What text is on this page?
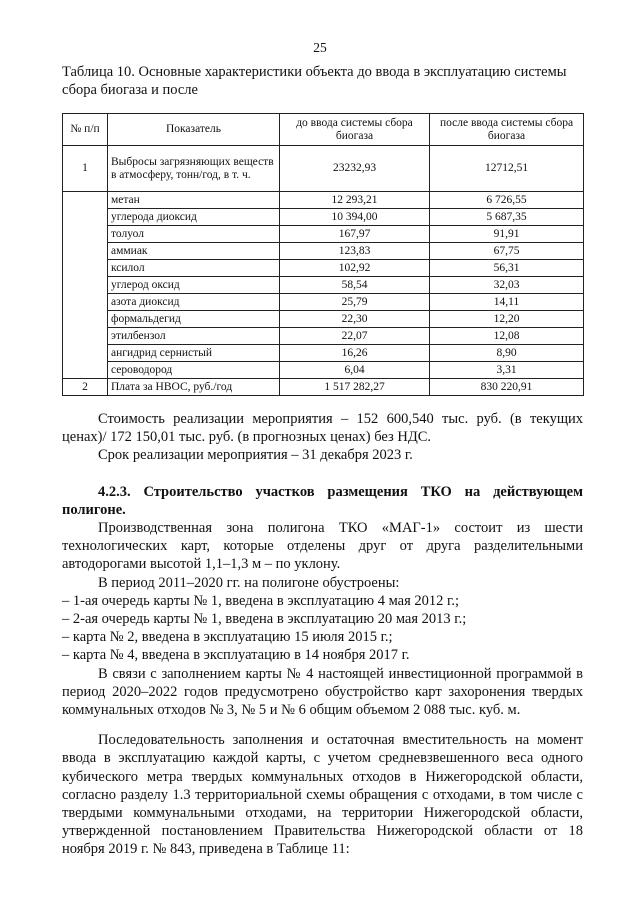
25
Таблица 10. Основные характеристики объекта до ввода в эксплуатацию системы сбора биогаза и после
№ п/п	Показатель	до ввода системы сбора биогаза	после ввода системы сбора биогаза
1	Выбросы загрязняющих веществ в атмосферу, тонн/год, в т. ч.	23232,93	12712,51
	метан	12 293,21	6 726,55
	углерода диоксид	10 394,00	5 687,35
	толуол	167,97	91,91
	аммиак	123,83	67,75
	ксилол	102,92	56,31
	углерод оксид	58,54	32,03
	азота диоксид	25,79	14,11
	формальдегид	22,30	12,20
	этилбензол	22,07	12,08
	ангидрид сернистый	16,26	8,90
	сероводород	6,04	3,31
2	Плата за НВОС, руб./год	1 517 282,27	830 220,91

Стоимость реализации мероприятия – 152 600,540 тыс. руб. (в текущих ценах)/ 172 150,01 тыс. руб. (в прогнозных ценах) без НДС.

Срок реализации мероприятия – 31 декабря 2023 г.

4.2.3. Строительство участков размещения ТКО на действующем полигоне.

Производственная зона полигона ТКО «МАГ-1» состоит из шести технологических карт, которые отделены друг от друга разделительными автодорогами высотой 1,1–1,3 м – по уклону.

В период 2011–2020 гг. на полигоне обустроены:

– 1-ая очередь карты № 1, введена в эксплуатацию 4 мая 2012 г.;

– 2-ая очередь карты № 1, введена в эксплуатацию 20 мая 2013 г.;

– карта № 2, введена в эксплуатацию 15 июля 2015 г.;

– карта № 4, введена в эксплуатацию в 14 ноября 2017 г.

В связи с заполнением карты № 4 настоящей инвестиционной программой в период 2020–2022 годов предусмотрено обустройство карт захоронения твердых коммунальных отходов № 3, № 5 и № 6 общим объемом 2 088 тыс. куб. м.

Последовательность заполнения и остаточная вместительность на момент ввода в эксплуатацию каждой карты, с учетом средневзвешенного веса одного кубического метра твердых коммунальных отходов в Нижегородской области, согласно разделу 1.3 территориальной схемы обращения с отходами, в том числе с твердыми коммунальными отходами, на территории Нижегородской области, утвержденной постановлением Правительства Нижегородской области от 18 ноября 2019 г. № 843, приведена в Таблице 11:
